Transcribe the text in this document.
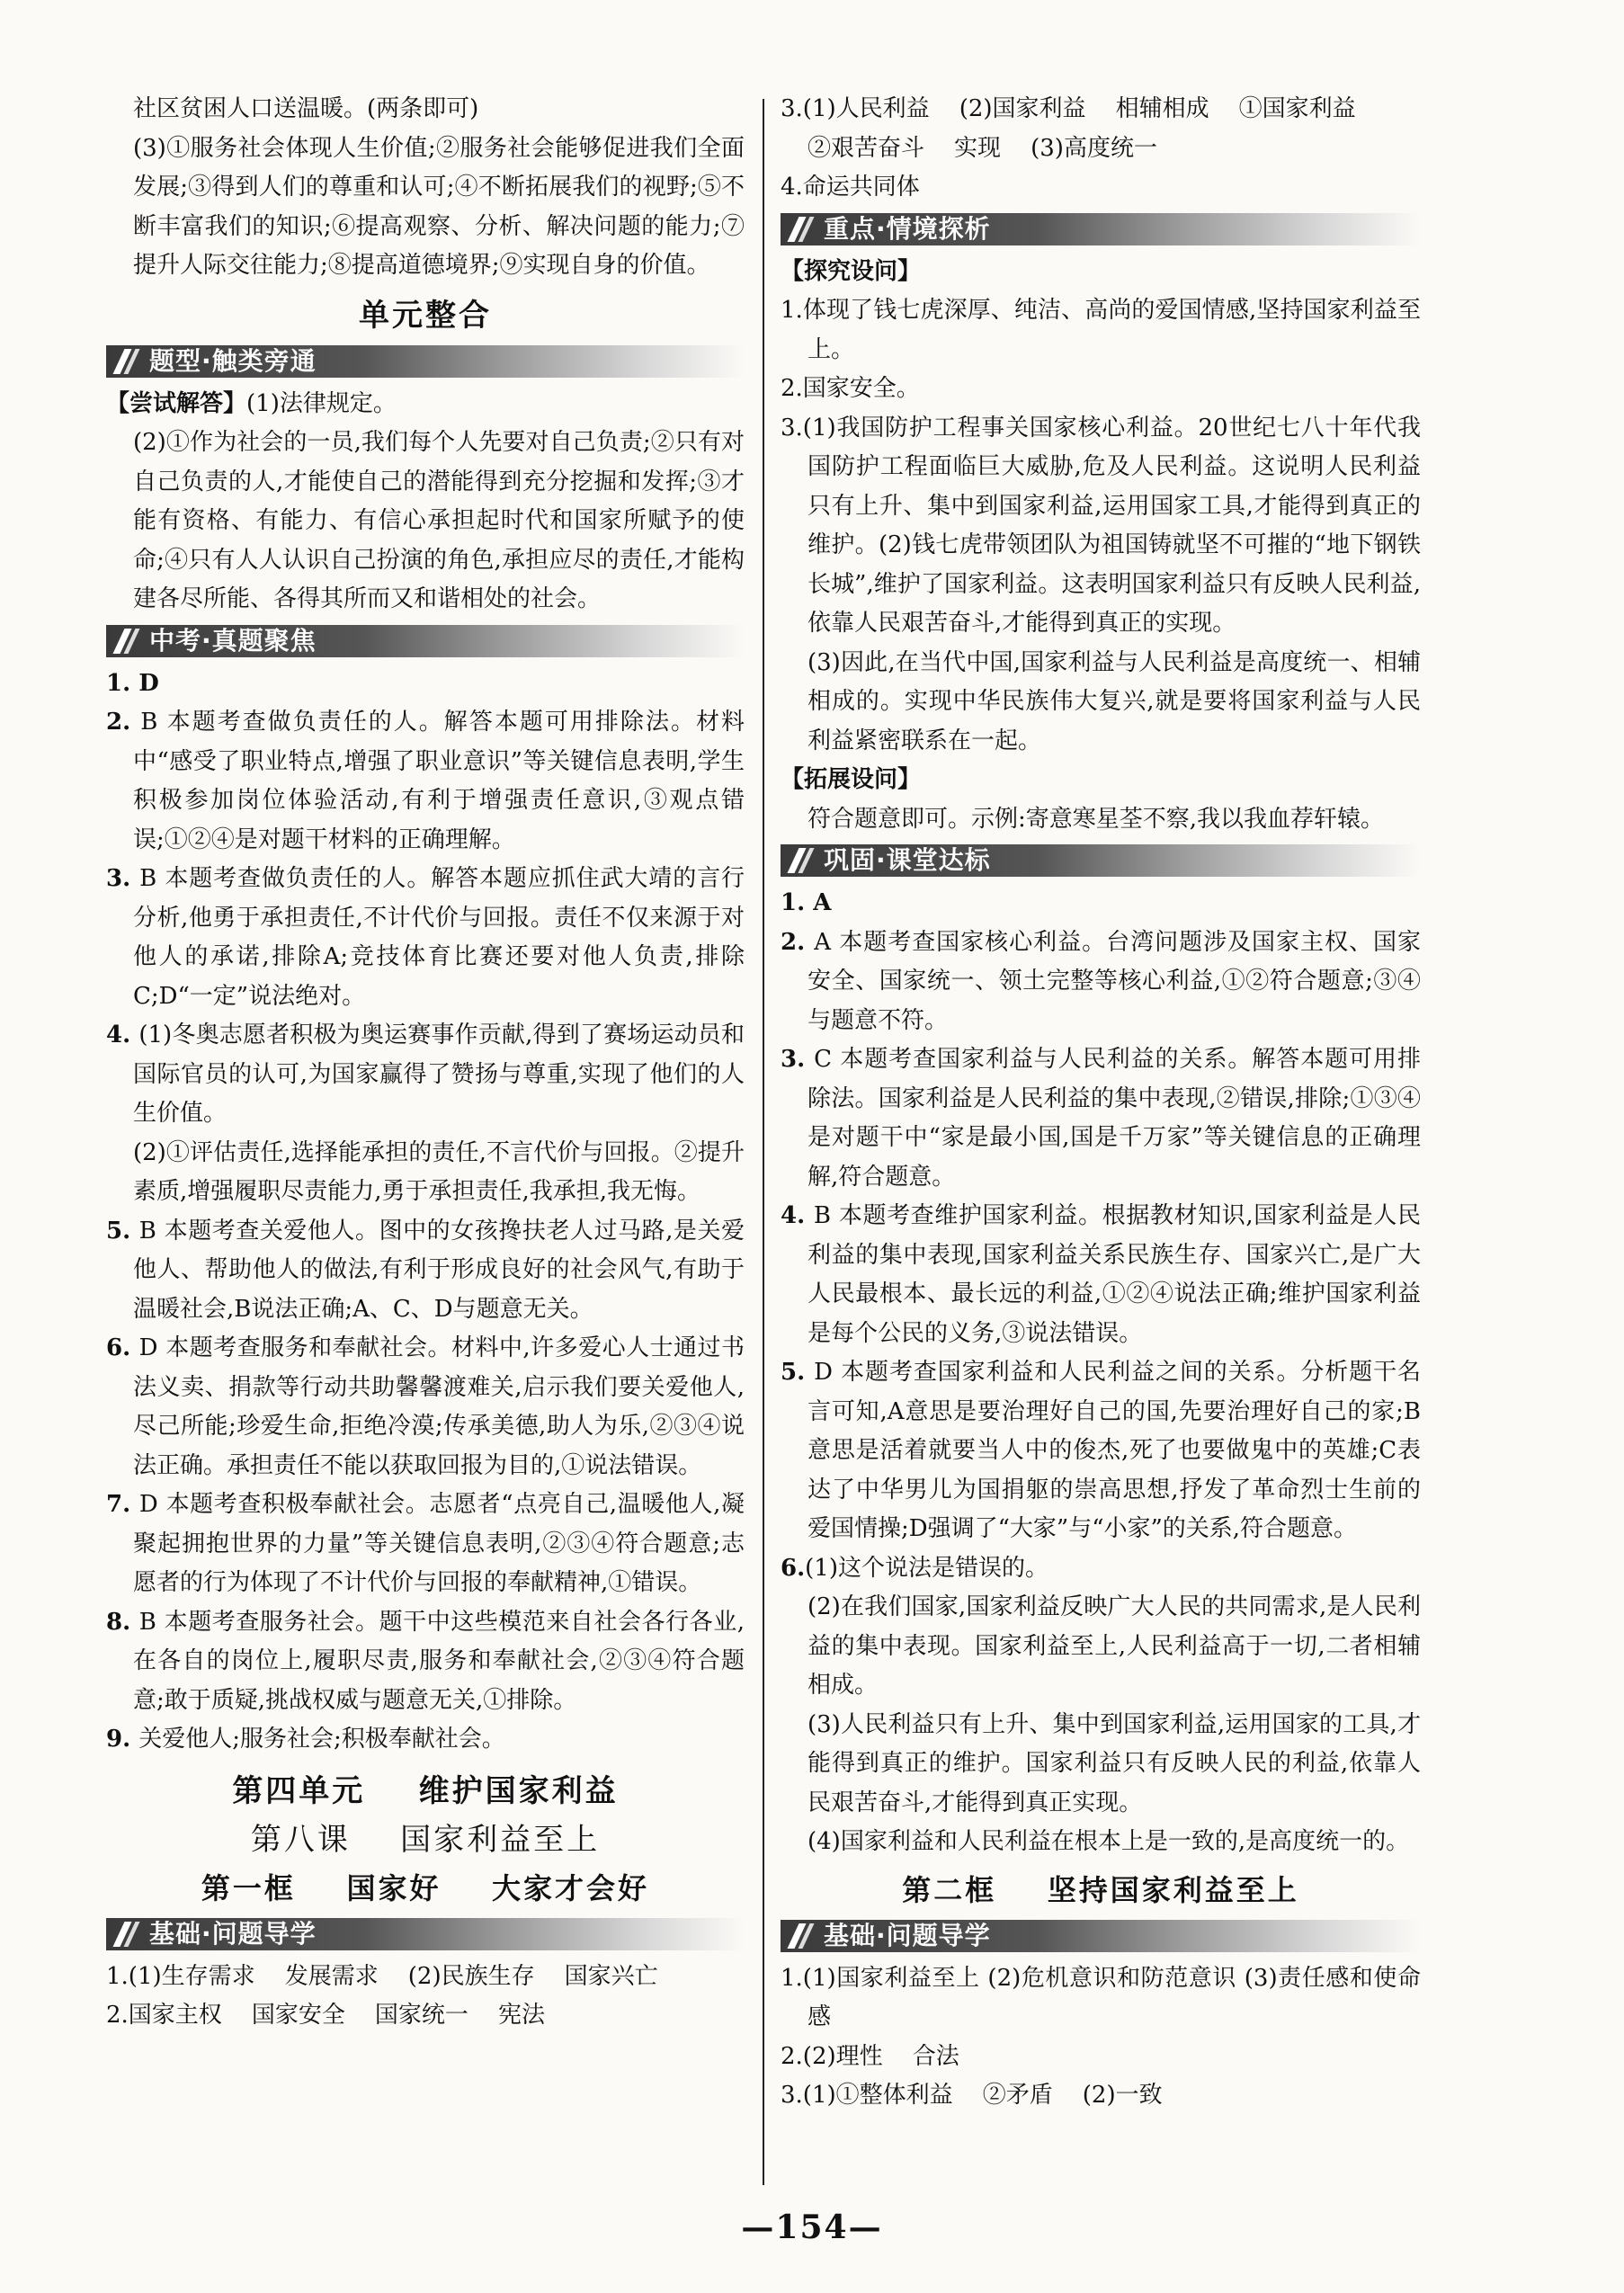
社区贫困人口送温暖。(两条即可)

(3)①服务社会体现人生价值;②服务社会能够促进我们全面发展;③得到人们的尊重和认可;④不断拓展我们的视野;⑤不断丰富我们的知识;⑥提高观察、分析、解决问题的能力;⑦提升人际交往能力;⑧提高道德境界;⑨实现自身的价值。

单元整合
题型·触类旁通

【尝试解答】(1)法律规定。

(2)①作为社会的一员,我们每个人先要对自己负责;②只有对自己负责的人,才能使自己的潜能得到充分挖掘和发挥;③才能有资格、有能力、有信心承担起时代和国家所赋予的使命;④只有人人认识自己扮演的角色,承担应尽的责任,才能构建各尽所能、各得其所而又和谐相处的社会。

中考·真题聚焦

1. D

2. B 本题考查做负责任的人。解答本题可用排除法。材料中“感受了职业特点,增强了职业意识”等关键信息表明,学生积极参加岗位体验活动,有利于增强责任意识,③观点错误;①②④是对题干材料的正确理解。

3. B 本题考查做负责任的人。解答本题应抓住武大靖的言行分析,他勇于承担责任,不计代价与回报。责任不仅来源于对他人的承诺,排除A;竞技体育比赛还要对他人负责,排除C;D“一定”说法绝对。

4. (1)冬奥志愿者积极为奥运赛事作贡献,得到了赛场运动员和国际官员的认可,为国家赢得了赞扬与尊重,实现了他们的人生价值。

(2)①评估责任,选择能承担的责任,不言代价与回报。②提升素质,增强履职尽责能力,勇于承担责任,我承担,我无悔。

5. B 本题考查关爱他人。图中的女孩搀扶老人过马路,是关爱他人、帮助他人的做法,有利于形成良好的社会风气,有助于温暖社会,B说法正确;A、C、D与题意无关。

6. D 本题考查服务和奉献社会。材料中,许多爱心人士通过书法义卖、捐款等行动共助馨馨渡难关,启示我们要关爱他人,尽己所能;珍爱生命,拒绝冷漠;传承美德,助人为乐,②③④说法正确。承担责任不能以获取回报为目的,①说法错误。

7. D 本题考查积极奉献社会。志愿者“点亮自己,温暖他人,凝聚起拥抱世界的力量”等关键信息表明,②③④符合题意;志愿者的行为体现了不计代价与回报的奉献精神,①错误。

8. B 本题考查服务社会。题干中这些模范来自社会各行各业,在各自的岗位上,履职尽责,服务和奉献社会,②③④符合题意;敢于质疑,挑战权威与题意无关,①排除。

9. 关爱他人;服务社会;积极奉献社会。

第四单元    维护国家利益
第八课    国家利益至上
第一框    国家好    大家才会好
基础·问题导学

1.(1)生存需求    发展需求    (2)民族生存    国家兴亡

2.国家主权    国家安全    国家统一    宪法

3.(1)人民利益    (2)国家利益    相辅相成    ①国家利益

②艰苦奋斗    实现    (3)高度统一

4.命运共同体

重点·情境探析

【探究设问】

1.体现了钱七虎深厚、纯洁、高尚的爱国情感,坚持国家利益至上。

2.国家安全。

3.(1)我国防护工程事关国家核心利益。20世纪七八十年代我国防护工程面临巨大威胁,危及人民利益。这说明人民利益只有上升、集中到国家利益,运用国家工具,才能得到真正的维护。(2)钱七虎带领团队为祖国铸就坚不可摧的“地下钢铁长城”,维护了国家利益。这表明国家利益只有反映人民利益,依靠人民艰苦奋斗,才能得到真正的实现。

(3)因此,在当代中国,国家利益与人民利益是高度统一、相辅相成的。实现中华民族伟大复兴,就是要将国家利益与人民利益紧密联系在一起。

【拓展设问】

符合题意即可。示例:寄意寒星荃不察,我以我血荐轩辕。

巩固·课堂达标

1. A

2. A 本题考查国家核心利益。台湾问题涉及国家主权、国家安全、国家统一、领土完整等核心利益,①②符合题意;③④与题意不符。

3. C 本题考查国家利益与人民利益的关系。解答本题可用排除法。国家利益是人民利益的集中表现,②错误,排除;①③④是对题干中“家是最小国,国是千万家”等关键信息的正确理解,符合题意。

4. B 本题考查维护国家利益。根据教材知识,国家利益是人民利益的集中表现,国家利益关系民族生存、国家兴亡,是广大人民最根本、最长远的利益,①②④说法正确;维护国家利益是每个公民的义务,③说法错误。

5. D 本题考查国家利益和人民利益之间的关系。分析题干名言可知,A意思是要治理好自己的国,先要治理好自己的家;B意思是活着就要当人中的俊杰,死了也要做鬼中的英雄;C表达了中华男儿为国捐躯的崇高思想,抒发了革命烈士生前的爱国情操;D强调了“大家”与“小家”的关系,符合题意。

6.(1)这个说法是错误的。

(2)在我们国家,国家利益反映广大人民的共同需求,是人民利益的集中表现。国家利益至上,人民利益高于一切,二者相辅相成。

(3)人民利益只有上升、集中到国家利益,运用国家的工具,才能得到真正的维护。国家利益只有反映人民的利益,依靠人民艰苦奋斗,才能得到真正实现。

(4)国家利益和人民利益在根本上是一致的,是高度统一的。

第二框    坚持国家利益至上
基础·问题导学

1.(1)国家利益至上 (2)危机意识和防范意识 (3)责任感和使命感

2.(2)理性    合法

3.(1)①整体利益    ②矛盾    (2)一致

—154—
